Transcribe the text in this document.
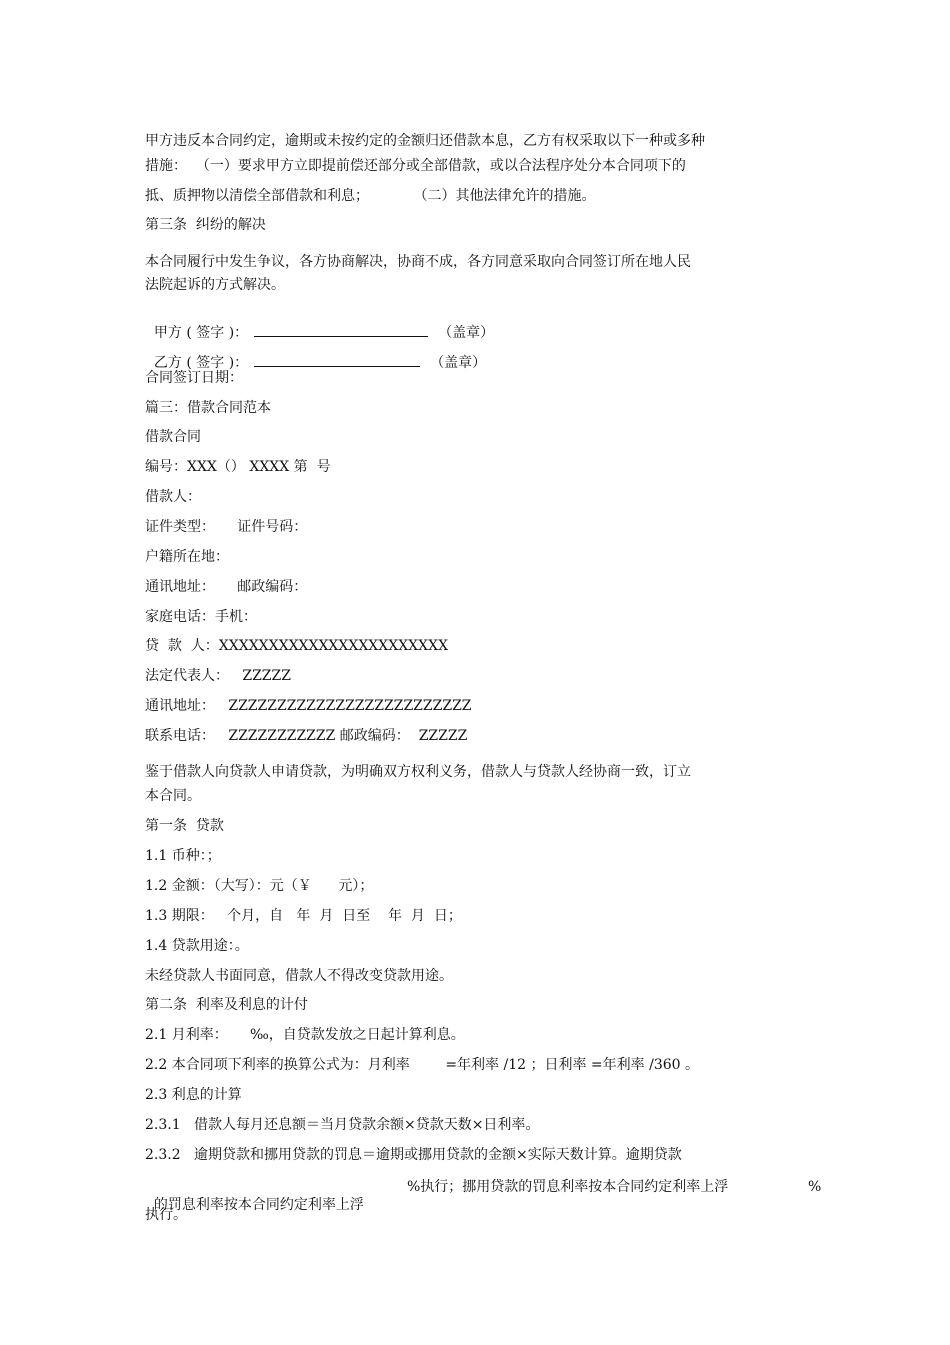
甲方违反本合同约定，逾期或未按约定的金额归还借款本息，乙方有权采取以下一种或多种
措施：  （一）要求甲方立即提前偿还部分或全部借款，或以合法程序处分本合同项下的
抵、质押物以清偿全部借款和利息；          （二）其他法律允许的措施。
第三条  纠纷的解决
本合同履行中发生争议，各方协商解决，协商不成，各方同意采取向合同签订所在地人民
法院起诉的方式解决。

甲方 ( 签字 )：	（盖章）

乙方 ( 签字 )：	（盖章）

合同签订日期：
篇三：借款合同范本
借款合同
编号：XXX（） XXXX 第  号
借款人：
证件类型：     证件号码：
户籍所在地：
通讯地址：     邮政编码：
家庭电话：手机：
贷  款  人：XXXXXXXXXXXXXXXXXXXXXXX
法定代表人：   ZZZZZ
通讯地址：   ZZZZZZZZZZZZZZZZZZZZZZZZZ
联系电话：   ZZZZZZZZZZZ 邮政编码：  ZZZZZ
鉴于借款人向贷款人申请贷款，为明确双方权利义务，借款人与贷款人经协商一致，订立
本合同。
第一条  贷款
1.1 币种：；
1.2 金额：（大写）：元（￥      元）；
1.3 期限：   个月，自   年  月  日至    年  月  日；
1.4 贷款用途：。
未经贷款人书面同意，借款人不得改变贷款用途。
第二条  利率及利息的计付
2.1 月利率：     ‰，自贷款发放之日起计算利息。
2.2 本合同项下利率的换算公式为：月利率        =年利率 /12 ；日利率 =年利率 /360 。
2.3 利息的计算
2.3.1   借款人每月还息额＝当月贷款余额×贷款天数×日利率。
2.3.2   逾期贷款和挪用贷款的罚息＝逾期或挪用贷款的金额×实际天数计算。逾期贷款

的罚息利率按本合同约定利率上浮

%执行；挪用贷款的罚息利率按本合同约定利率上浮	%
执行。
